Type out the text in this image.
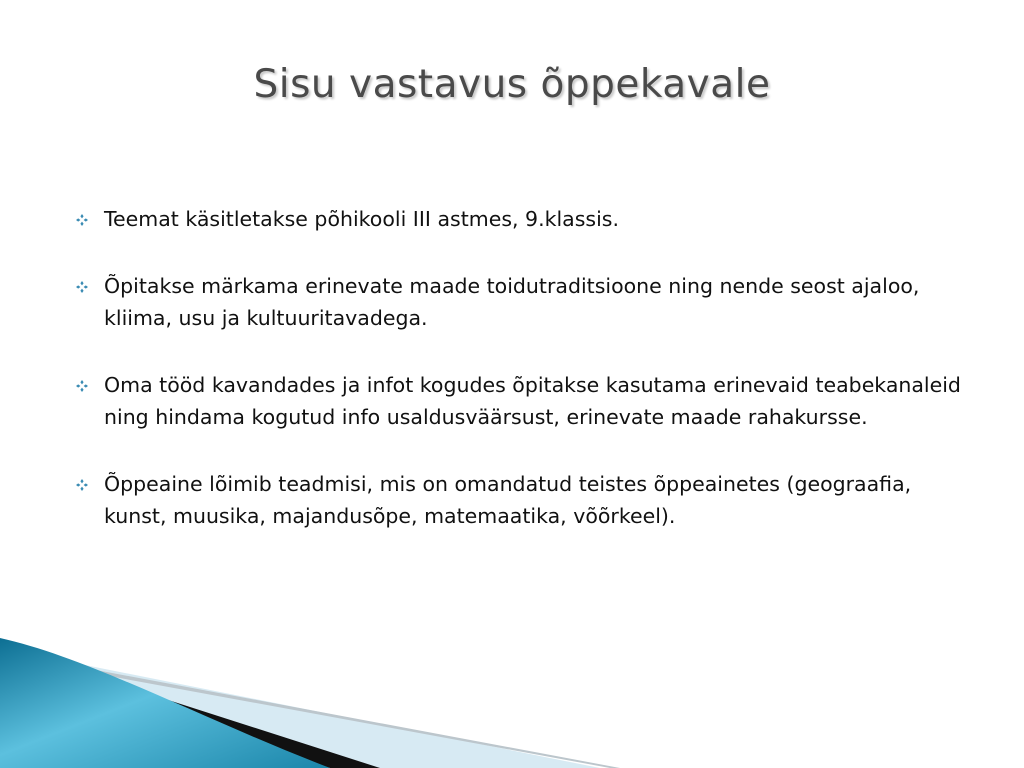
Sisu vastavus õppekavale
Teemat käsitletakse põhikooli III astmes, 9.klassis.
Õpitakse märkama erinevate maade toidutraditsioone ning nende seost ajaloo, kliima, usu ja kultuuritavadega.
Oma tööd kavandades ja infot kogudes õpitakse kasutama erinevaid teabekanaleid ning hindama kogutud info usaldusväärsust, erinevate maade rahakursse.
Õppeaine lõimib teadmisi, mis on omandatud teistes õppeainetes (geograafia, kunst, muusika, majandusõpe, matemaatika, võõrkeel).
